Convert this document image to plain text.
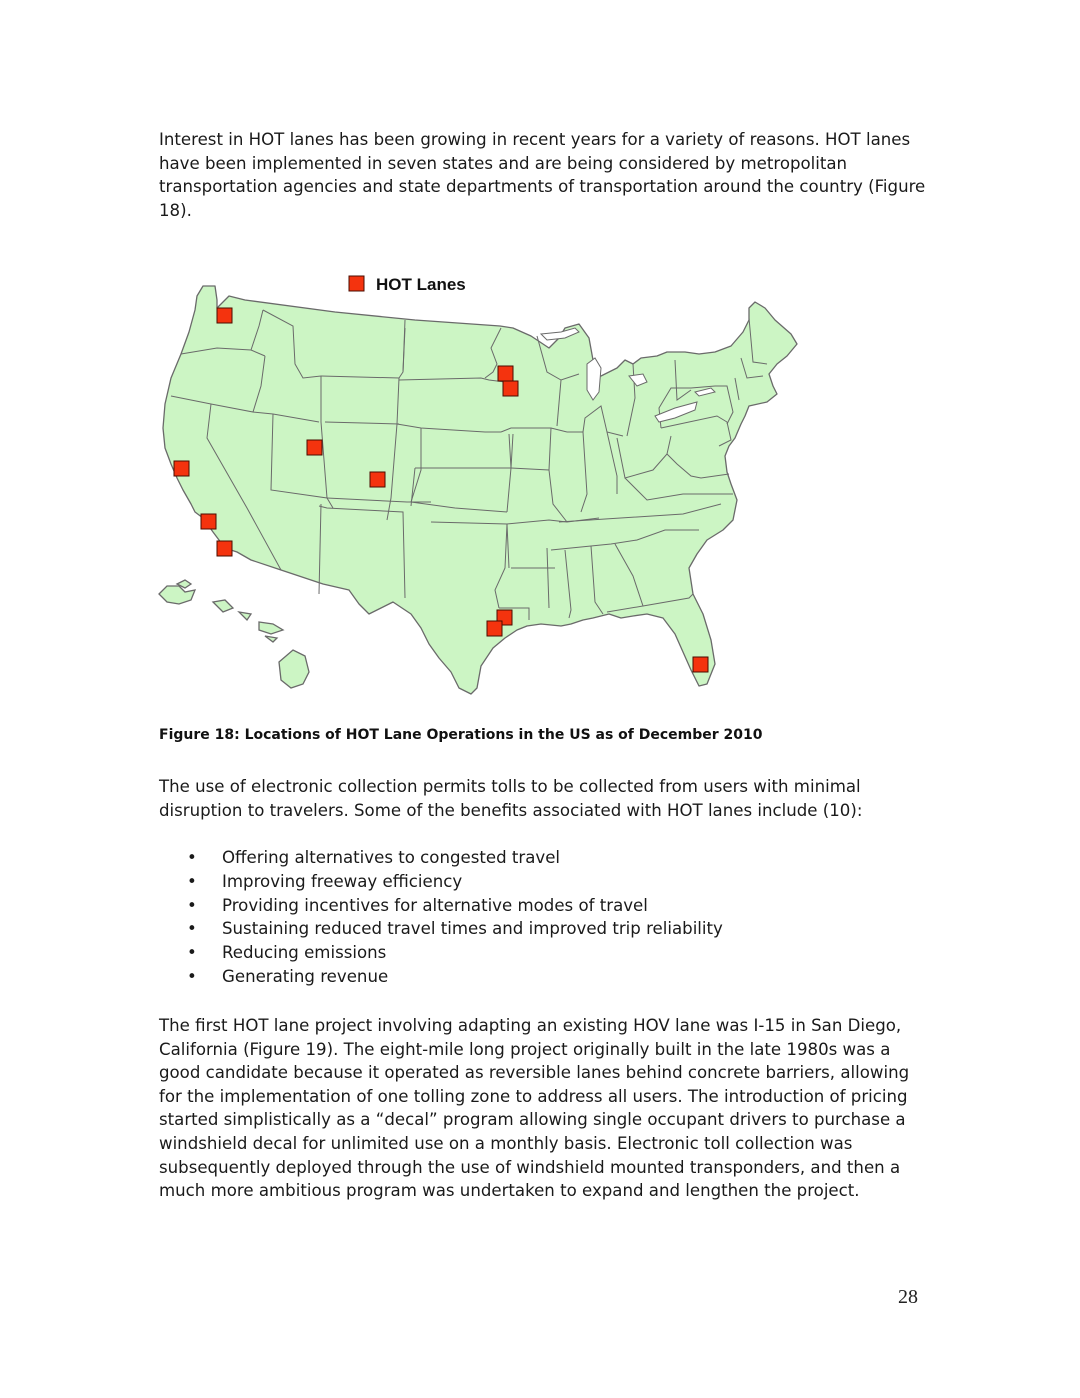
Interest in HOT lanes has been growing in recent years for a variety of reasons. HOT lanes have been implemented in seven states and are being considered by metropolitan transportation agencies and state departments of transportation around the country (Figure 18).

HOT Lanes
Figure 18: Locations of HOT Lane Operations in the US as of December 2010

The use of electronic collection permits tolls to be collected from users with minimal disruption to travelers. Some of the benefits associated with HOT lanes include (10):

• Offering alternatives to congested travel
• Improving freeway efficiency
• Providing incentives for alternative modes of travel
• Sustaining reduced travel times and improved trip reliability
• Reducing emissions
• Generating revenue

The first HOT lane project involving adapting an existing HOV lane was I-15 in San Diego, California (Figure 19). The eight-mile long project originally built in the late 1980s was a good candidate because it operated as reversible lanes behind concrete barriers, allowing for the implementation of one tolling zone to address all users. The introduction of pricing started simplistically as a “decal” program allowing single occupant drivers to purchase a windshield decal for unlimited use on a monthly basis. Electronic toll collection was subsequently deployed through the use of windshield mounted transponders, and then a much more ambitious program was undertaken to expand and lengthen the project.

28
